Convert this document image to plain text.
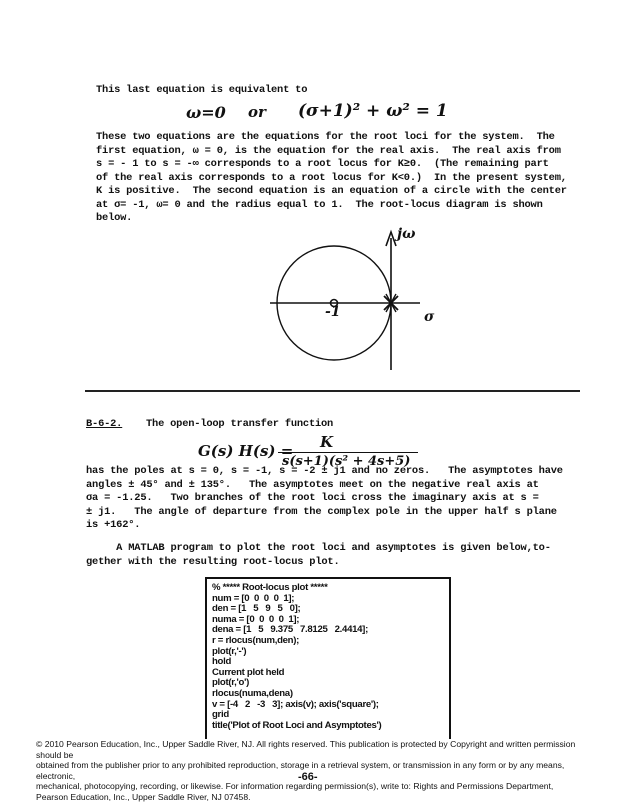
This last equation is equivalent to
ω=0 or (σ+1)² + ω² = 1
These two equations are the equations for the root loci for the system.  The
first equation, ω = 0, is the equation for the real axis.  The real axis from
s = - 1 to s = -∞ corresponds to a root locus for K≥0.  (The remaining part
of the real axis corresponds to a root locus for K<0.)  In the present system,
K is positive.  The second equation is an equation of a circle with the center
at σ= -1, ω= 0 and the radius equal to 1.  The root-locus diagram is shown
below.
jω
σ
-1
B-6-2. The open-loop transfer function
G(s) H(s) = K
s(s+1)(s² + 4s+5)
has the poles at s = 0, s = -1, s = -2 ± j1 and no zeros.   The asymptotes have
angles ± 45° and ± 135°.   The asymptotes meet on the negative real axis at
σa = -1.25.   Two branches of the root loci cross the imaginary axis at s =
± j1.   The angle of departure from the complex pole in the upper half s plane
is +162°.
A MATLAB program to plot the root loci and asymptotes is given below,to-
gether with the resulting root-locus plot.
% ***** Root-locus plot *****
num = [0  0  0  0  1];
den = [1   5   9   5   0];
numa = [0  0  0  0  1];
dena = [1   5   9.375   7.8125   2.4414];
r = rlocus(num,den);
plot(r,'-')
hold
Current plot held
plot(r,'o')
rlocus(numa,dena)
v = [-4   2   -3   3]; axis(v); axis('square');
grid
title('Plot of Root Loci and Asymptotes')
© 2010 Pearson Education, Inc., Upper Saddle River, NJ. All rights reserved. This publication is protected by Copyright and written permission should be
obtained from the publisher prior to any prohibited reproduction, storage in a retrieval system, or transmission in any form or by any means, electronic,
mechanical, photocopying, recording, or likewise. For information regarding permission(s), write to: Rights and Permissions Department,
Pearson Education, Inc., Upper Saddle River, NJ 07458.
-66-
